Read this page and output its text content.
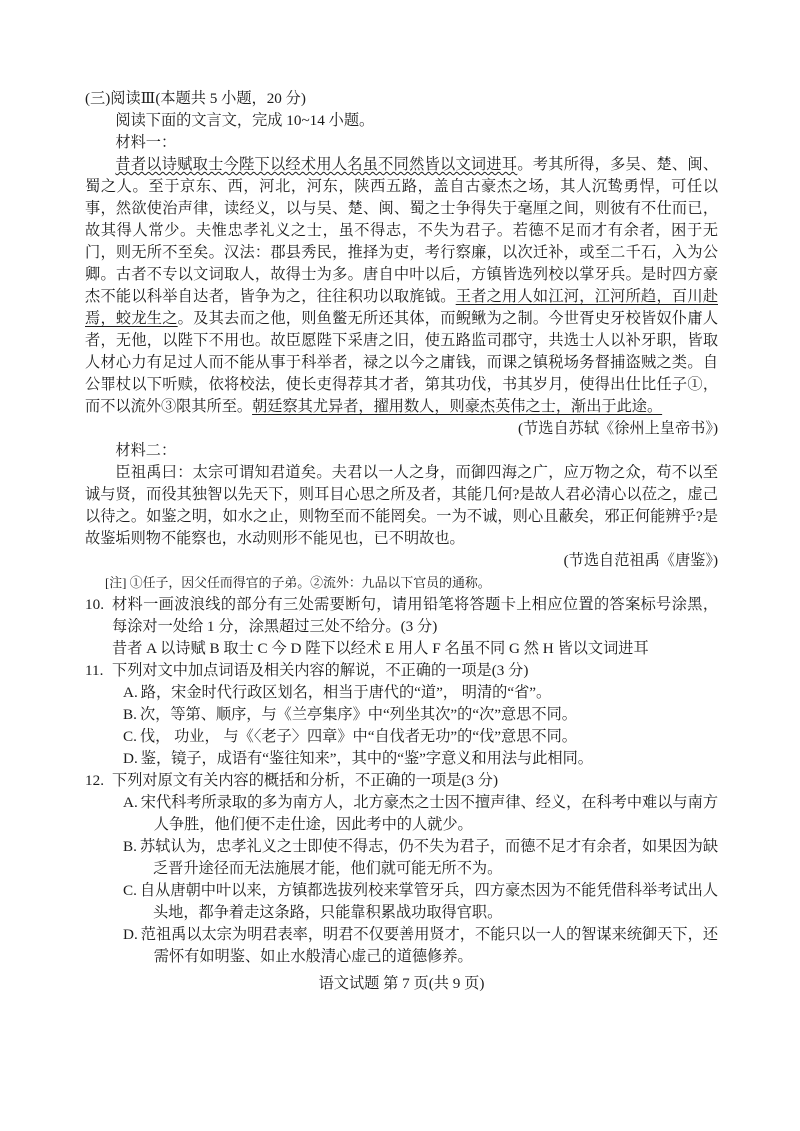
(三)阅读Ⅲ(本题共 5 小题，20 分)
阅读下面的文言文，完成 10~14 小题。
材料一：

昔者以诗赋取士今陛下以经术用人名虽不同然皆以文词进耳。考其所得，多吴、楚、闽、蜀之人。至于京东、西，河北，河东，陕西五路，盖自古豪杰之场，其人沉鸷勇悍，可任以事，然欲使治声律，读经义，以与吴、楚、闽、蜀之士争得失于毫厘之间，则彼有不仕而已，故其得人常少。夫惟忠孝礼义之士，虽不得志，不失为君子。若德不足而才有余者，困于无门，则无所不至矣。汉法：郡县秀民，推择为吏，考行察廉，以次迁补，或至二千石，入为公卿。古者不专以文词取人，故得士为多。唐自中叶以后，方镇皆选列校以掌牙兵。是时四方豪杰不能以科举自达者，皆争为之，往往积功以取旄钺。王者之用人如江河，江河所趋，百川赴焉，蛟龙生之。及其去而之他，则鱼鳖无所还其体，而鲵鳅为之制。今世胥史牙校皆奴仆庸人者，无他，以陛下不用也。故臣愿陛下采唐之旧，使五路监司郡守，共选士人以补牙职，皆取人材心力有足过人而不能从事于科举者，禄之以今之庸钱，而课之镇税场务督捕盗贼之类。自公罪杖以下听赎，依将校法，使长吏得荐其才者，第其功伐，书其岁月，使得出仕比任子①，而不以流外③限其所至。朝廷察其尤异者，擢用数人，则豪杰英伟之士，渐出于此途。

(节选自苏轼《徐州上皇帝书》)
材料二：

臣祖禹曰：太宗可谓知君道矣。夫君以一人之身，而御四海之广，应万物之众，苟不以至诚与贤，而役其独智以先天下，则耳目心思之所及者，其能几何?是故人君必清心以莅之，虚己以待之。如鉴之明，如水之止，则物至而不能罔矣。一为不诚，则心且蔽矣，邪正何能辨乎?是故鉴垢则物不能察也，水动则形不能见也，已不明故也。

(节选自范祖禹《唐鉴》)
[注] ①任子，因父任而得官的子弟。②流外：九品以下官员的通称。
10. 材料一画波浪线的部分有三处需要断句，请用铅笔将答题卡上相应位置的答案标号涂黑，每涂对一处给 1 分，涂黑超过三处不给分。(3 分)
昔者 A 以诗赋 B 取士 C 今 D 陛下以经术 E 用人 F 名虽不同 G 然 H 皆以文词进耳
11. 下列对文中加点词语及相关内容的解说，不正确的一项是(3 分)
A. 路，宋金时代行政区划名，相当于唐代的“道”， 明清的“省”。
B. 次，等第、顺序，与《兰亭集序》中“列坐其次”的“次”意思不同。
C. 伐， 功业， 与《〈老子〉四章》中“自伐者无功”的“伐”意思不同。
D. 鉴，镜子，成语有“鉴往知来”，其中的“鉴”字意义和用法与此相同。
12. 下列对原文有关内容的概括和分析，不正确的一项是(3 分)
A. 宋代科考所录取的多为南方人，北方豪杰之士因不擅声律、经义，在科考中难以与南方人争胜，他们便不走仕途，因此考中的人就少。
B. 苏轼认为，忠孝礼义之士即使不得志，仍不失为君子，而德不足才有余者，如果因为缺乏晋升途径而无法施展才能，他们就可能无所不为。
C. 自从唐朝中叶以来，方镇都选拔列校来掌管牙兵，四方豪杰因为不能凭借科举考试出人头地，都争着走这条路，只能靠积累战功取得官职。
D. 范祖禹以太宗为明君表率，明君不仅要善用贤才，不能只以一人的智谋来统御天下，还需怀有如明鉴、如止水般清心虚己的道德修养。
语文试题 第 7 页(共 9 页)
